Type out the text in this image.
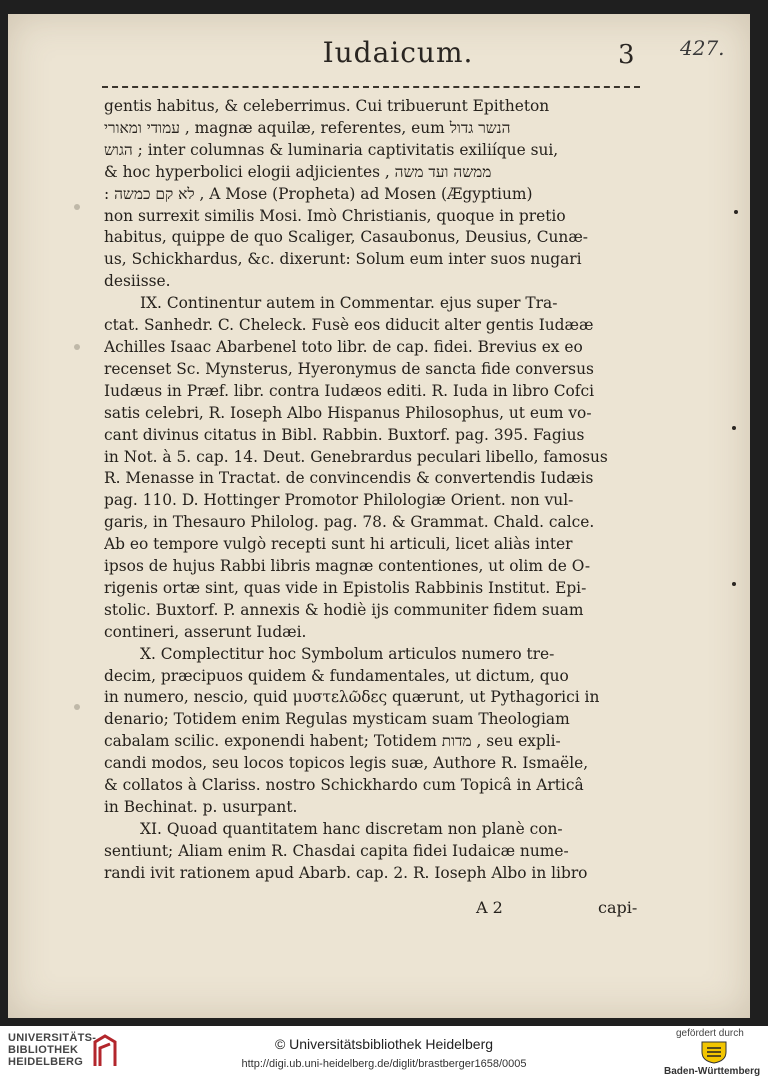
Iudaicum.	3 427.
gentis habitus, & celeberrimus. Cui tribuerunt Epitheton
עמודי ומאורי , magnæ aquilæ, referentes, eum הנשר גדול
הגוש ; inter columnas & luminaria captivitatis exiliíque sui,
& hoc hyperbolici elogii adjicientes , ממשה ועד משה
: לא קם כמשה , A Mose (Propheta) ad Mosen (Ægyptium)
non surrexit similis Mosi. Imò Christianis, quoque in pretio
habitus, quippe de quo Scaliger, Casaubonus, Deusius, Cunæ-
us, Schickhardus, &c. dixerunt: Solum eum inter suos nugari
desiisse.
IX. Continentur autem in Commentar. ejus super Tra-
ctat. Sanhedr. C. Cheleck. Fusè eos diducit alter gentis Iudææ
Achilles Isaac Abarbenel toto libr. de cap. fidei. Brevius ex eo
recenset Sc. Mynsterus, Hyeronymus de sancta fide conversus
Iudæus in Præf. libr. contra Iudæos editi. R. Iuda in libro Cofci
satis celebri, R. Ioseph Albo Hispanus Philosophus, ut eum vo-
cant divinus citatus in Bibl. Rabbin. Buxtorf. pag. 395. Fagius
in Not. à 5. cap. 14. Deut. Genebrardus peculari libello, famosus
R. Menasse in Tractat. de convincendis & convertendis Iudæis
pag. 110. D. Hottinger Promotor Philologiæ Orient. non vul-
garis, in Thesauro Philolog. pag. 78. & Grammat. Chald. calce.
Ab eo tempore vulgò recepti sunt hi articuli, licet aliàs inter
ipsos de hujus Rabbi libris magnæ contentiones, ut olim de O-
rigenis ortæ sint, quas vide in Epistolis Rabbinis Institut. Epi-
stolic. Buxtorf. P. annexis & hodiè ijs communiter fidem suam
contineri, asserunt Iudæi.
X. Complectitur hoc Symbolum articulos numero tre-
decim, præcipuos quidem & fundamentales, ut dictum, quo
in numero, nescio, quid μυστελῶδες quærunt, ut Pythagorici in
denario; Totidem enim Regulas mysticam suam Theologiam
cabalam scilic. exponendi habent; Totidem מדות , seu expli-
candi modos, seu locos topicos legis suæ, Authore R. Ismaële,
& collatos à Clariss. nostro Schickhardo cum Topicâ in Articâ
in Bechinat. p. usurpant.
XI. Quoad quantitatem hanc discretam non planè con-
sentiunt; Aliam enim R. Chasdai capita fidei Iudaicæ nume-
randi ivit rationem apud Abarb. cap. 2. R. Ioseph Albo in libro
A 2	capi-
UNIVERSITÄTS-
BIBLIOTHEK
HEIDELBERG
© Universitätsbibliothek Heidelberg
http://digi.ub.uni-heidelberg.de/diglit/brastberger1658/0005
gefördert durch
Baden-Württemberg
